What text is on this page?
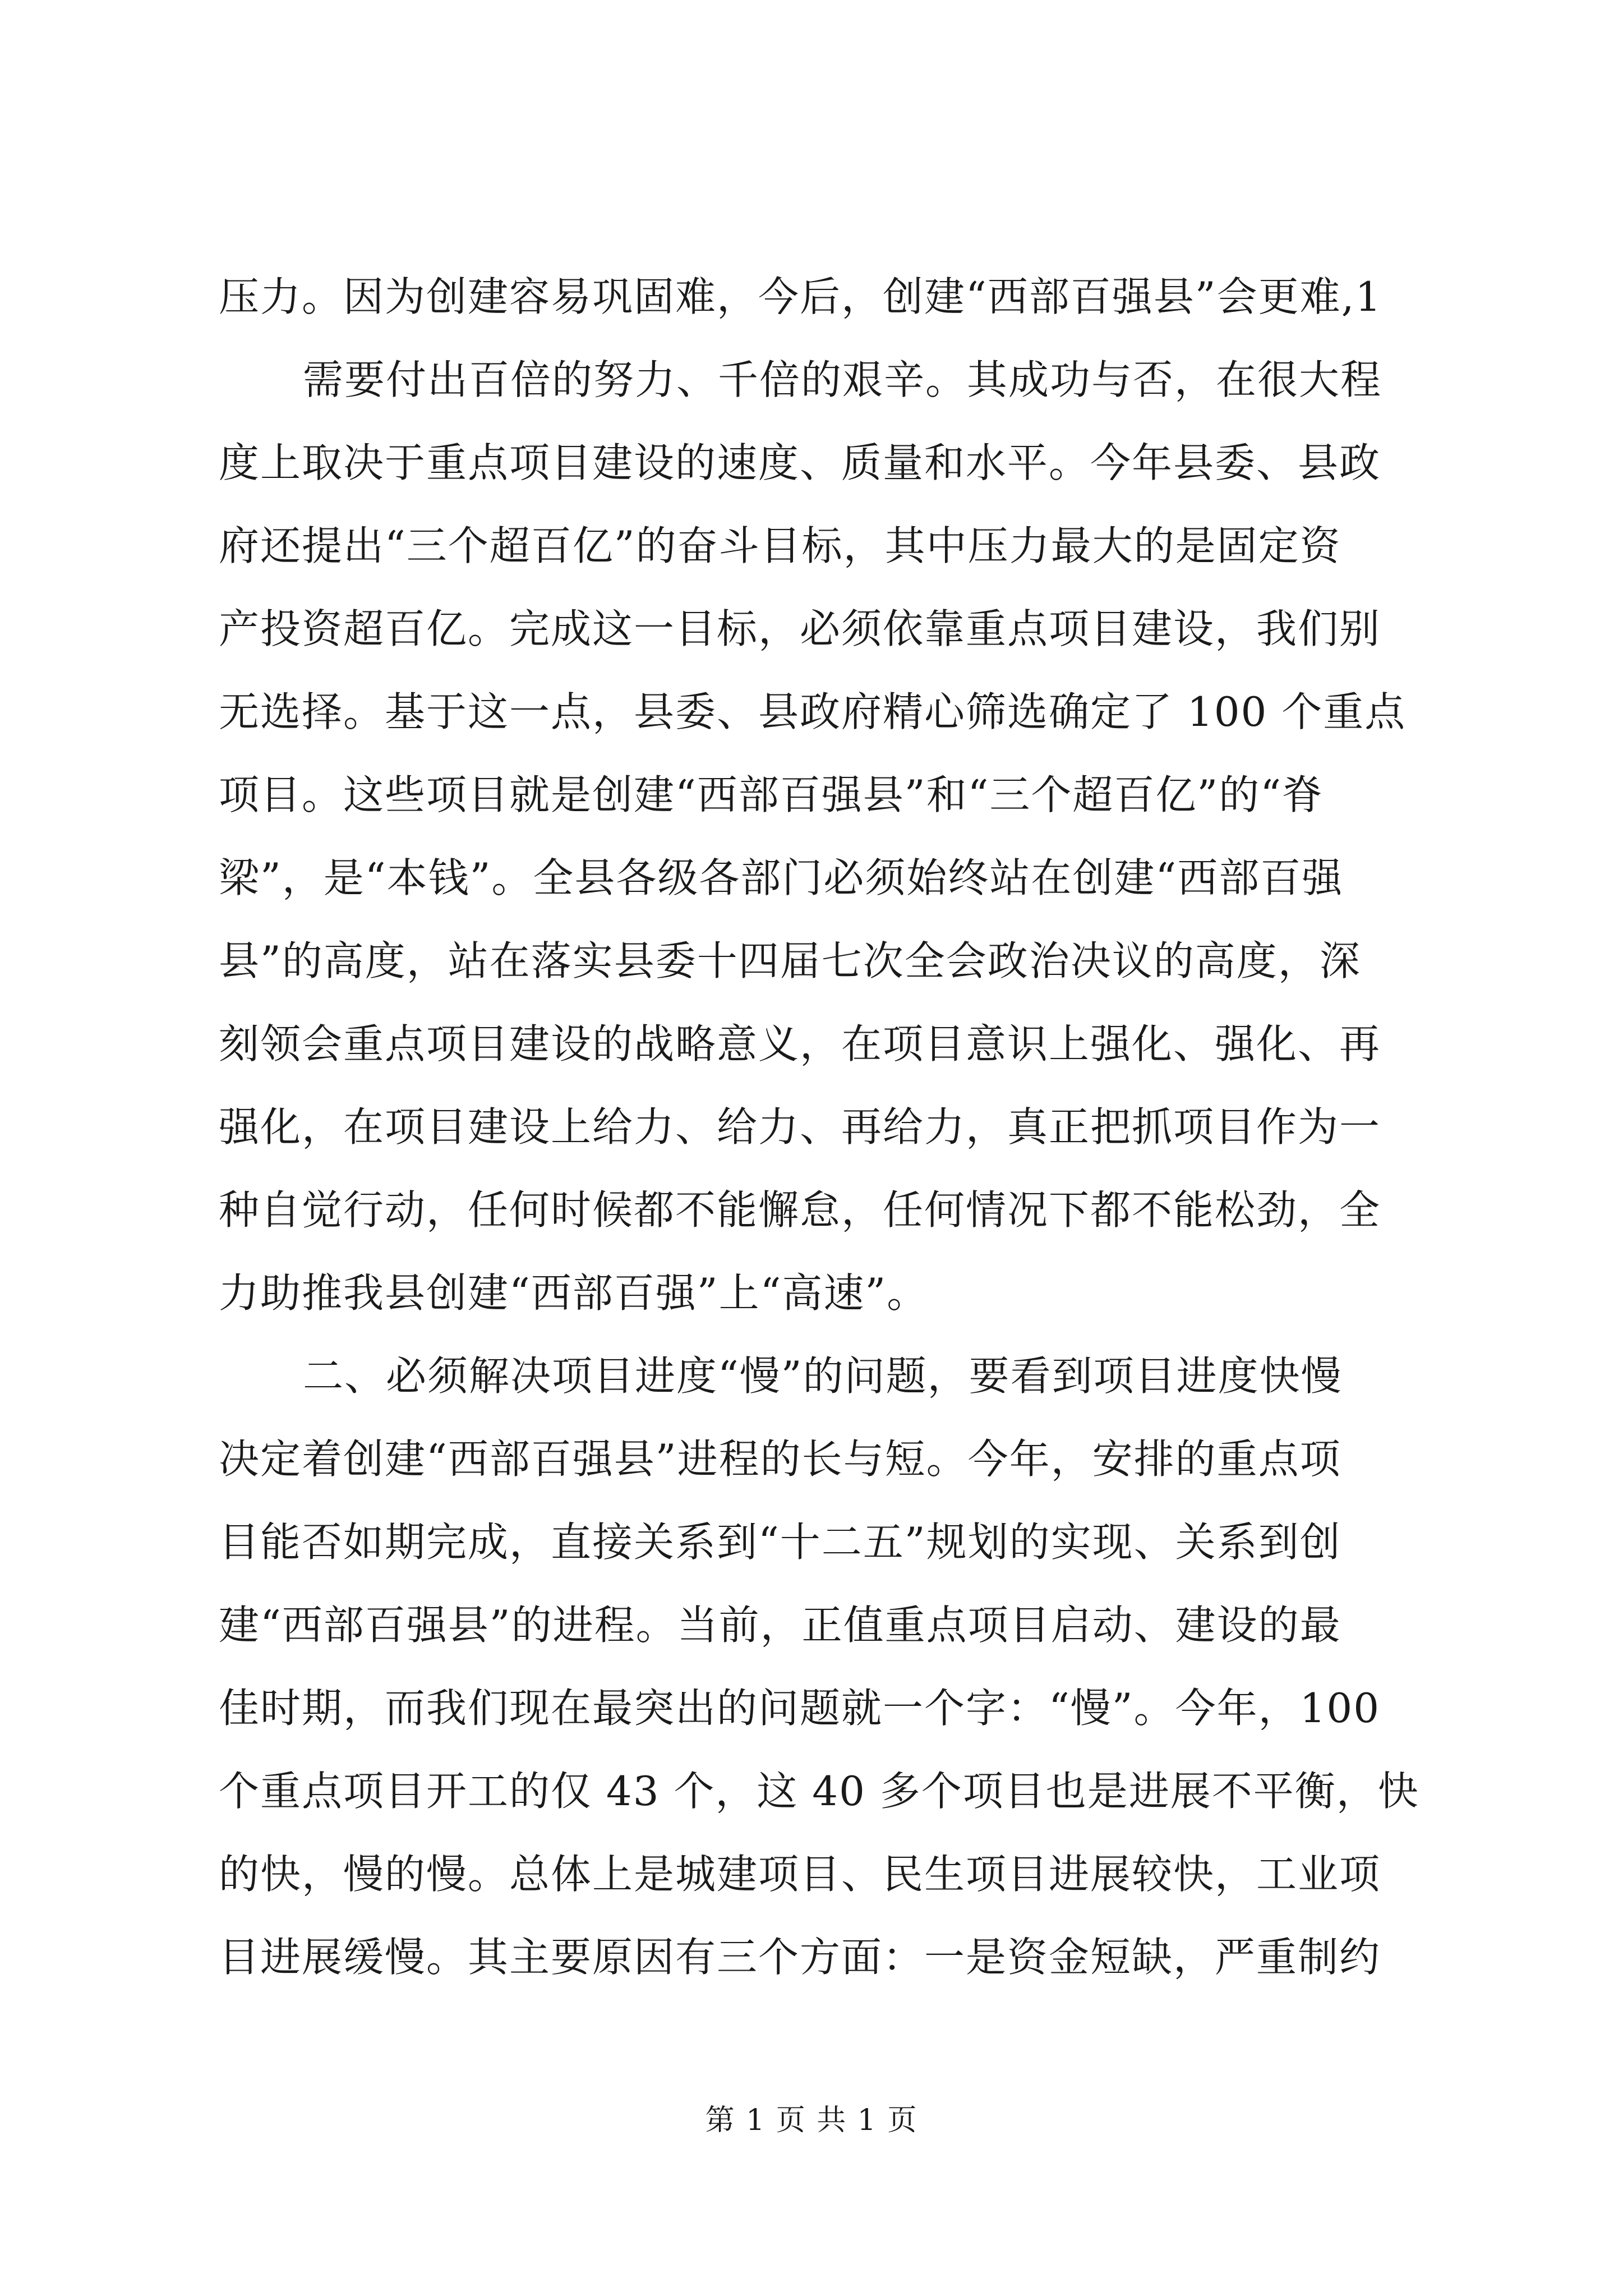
压力。因为创建容易巩固难，今后，创建“西部百强县”会更难,1
需要付出百倍的努力、千倍的艰辛。其成功与否，在很大程
度上取决于重点项目建设的速度、质量和水平。今年县委、县政
府还提出“三个超百亿”的奋斗目标，其中压力最大的是固定资
产投资超百亿。完成这一目标，必须依靠重点项目建设，我们别
无选择。基于这一点，县委、县政府精心筛选确定了 100 个重点
项目。这些项目就是创建“西部百强县”和“三个超百亿”的“脊
梁”，是“本钱”。全县各级各部门必须始终站在创建“西部百强
县”的高度，站在落实县委十四届七次全会政治决议的高度，深
刻领会重点项目建设的战略意义，在项目意识上强化、强化、再
强化，在项目建设上给力、给力、再给力，真正把抓项目作为一
种自觉行动，任何时候都不能懈怠，任何情况下都不能松劲，全
力助推我县创建“西部百强”上“高速”。
二、必须解决项目进度“慢”的问题，要看到项目进度快慢
决定着创建“西部百强县”进程的长与短。今年，安排的重点项
目能否如期完成，直接关系到“十二五”规划的实现、关系到创
建“西部百强县”的进程。当前，正值重点项目启动、建设的最
佳时期，而我们现在最突出的问题就一个字：“慢”。今年，100
个重点项目开工的仅 43 个，这 40 多个项目也是进展不平衡，快
的快，慢的慢。总体上是城建项目、民生项目进展较快，工业项
目进展缓慢。其主要原因有三个方面：一是资金短缺，严重制约
第 1 页 共 1 页
